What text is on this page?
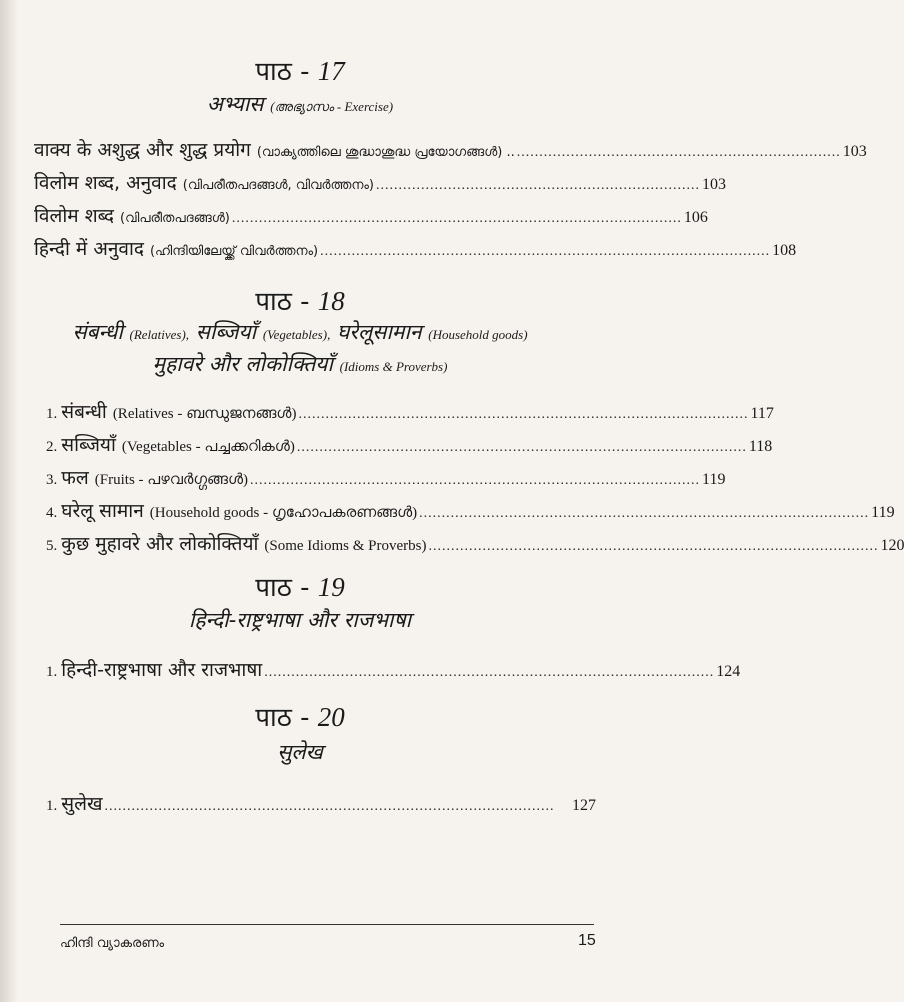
पाठ - 17
अभ्यास (അഭ്യാസം - Exercise)
वाक्य के अशुद्ध और शुद्ध प्रयोग (വാക്യത്തിലെ ശുദ്ധാശുദ്ധ പ്രയോഗങ്ങൾ) .. ........................................................................ 103
विलोम शब्द, अनुवाद (വിപരീതപദങ്ങൾ, വിവർത്തനം) ........................................................................ 103
विलोम शब्द (വിപരീതപദങ്ങൾ) .................................................................................................... 106
हिन्दी में अनुवाद (ഹിന്ദിയിലേയ്ക്ക് വിവർത്തനം) .................................................................................................... 108
पाठ - 18
संबन्धी (Relatives), सब्जियाँ (Vegetables), घरेलूसामान (Household goods)
मुहावरे और लोकोक्तियाँ (Idioms & Proverbs)
1. संबन्धी (Relatives - ബന്ധുജനങ്ങൾ) .................................................................................................... 117
2. सब्जियाँ (Vegetables - പച്ചക്കറികൾ) .................................................................................................... 118
3. फल (Fruits - പഴവർഗ്ഗങ്ങൾ) .................................................................................................... 119
4. घरेलू सामान (Household goods - ഗൃഹോപകരണങ്ങൾ) .................................................................................................... 119
5. कुछ मुहावरे और लोकोक्तियाँ (Some Idioms & Proverbs) .................................................................................................... 120
पाठ - 19
हिन्दी-राष्ट्रभाषा और राजभाषा
1. हिन्दी-राष्ट्रभाषा और राजभाषा .................................................................................................... 124
पाठ - 20
सुलेख
1. सुलेख ....................................................................................................	127
ഹിന്ദി വ്യാകരണം	15
